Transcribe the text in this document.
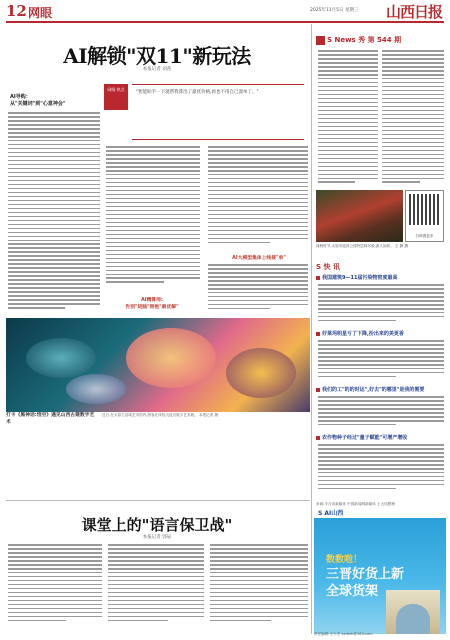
12 网眼	2025年11月5日 星期三 山西日报
AI解锁"双11"新玩法
本报记者 刘茜
AI导购：
从"关键词"到"心意神会"
网眼 热点
"智能助手一下就帮我算出了最优价格,再也不用自己凑单了。"
AI精算师:
告别"烧脑"拥抱"最优解"
AI大模型集体上线接"单"
打卡《黑神话:悟空》遇见山西古建数字艺术
近日,在太原古县城艺术馆内,游客在体验沉浸式数字艺术展。 本报记者 摄
课堂上的"语言保卫战"
本报记者 郭辰
S News 秀 第 544 期
扫码看更多
深秋时节,太原市迎泽公园内层林尽染,游人如织。 王 静 摄
S 快 讯
我国建筑9—11届污染物密度最高
好莱坞明星亏了下降,扮出来的美更香
我们的工"的的时运",好去"的哪里"是我的需要
农作物种子经过"量子赋能"可增产增收
来源:半月谈新媒体 中国新闻网新媒体 王大伟整理
S AI山西
数数啦！
三晋好货上新
全球货架
责任编辑:王少杰 sxrbsh@163.com
